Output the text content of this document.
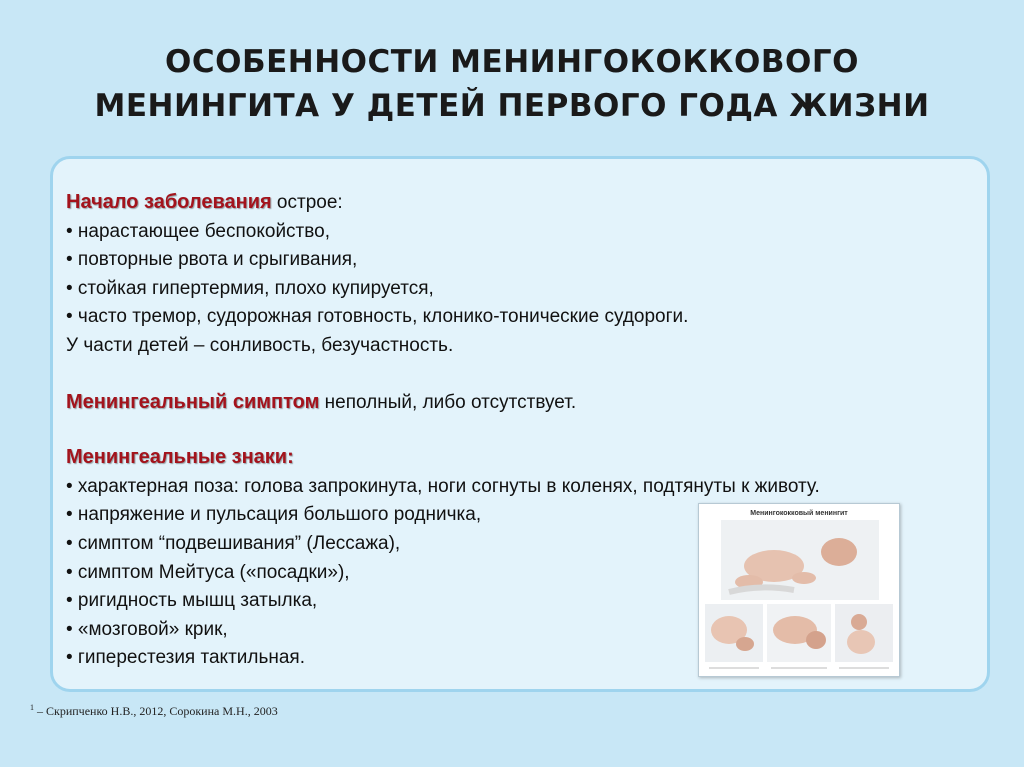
ОСОБЕННОСТИ МЕНИНГОКОККОВОГО
МЕНИНГИТА У ДЕТЕЙ ПЕРВОГО ГОДА ЖИЗНИ
Начало заболевания острое:
• нарастающее беспокойство,
• повторные рвота и срыгивания,
• стойкая гипертермия, плохо купируется,
• часто тремор, судорожная готовность, клонико-тонические судороги.
У части детей – сонливость, безучастность.
Менингеальный симптом неполный, либо отсутствует.
Менингеальные знаки:
• характерная поза: голова запрокинута, ноги согнуты в коленях, подтянуты к животу.
• напряжение и пульсация большого родничка,
• симптом “подвешивания” (Лессажа),
• симптом Мейтуса («посадки»),
• ригидность мышц затылка,
• «мозговой» крик,
• гиперестезия тактильная.
Менингококковый менингит
$^1$ – Скрипченко Н.В., 2012, Сорокина М.Н., 2003
